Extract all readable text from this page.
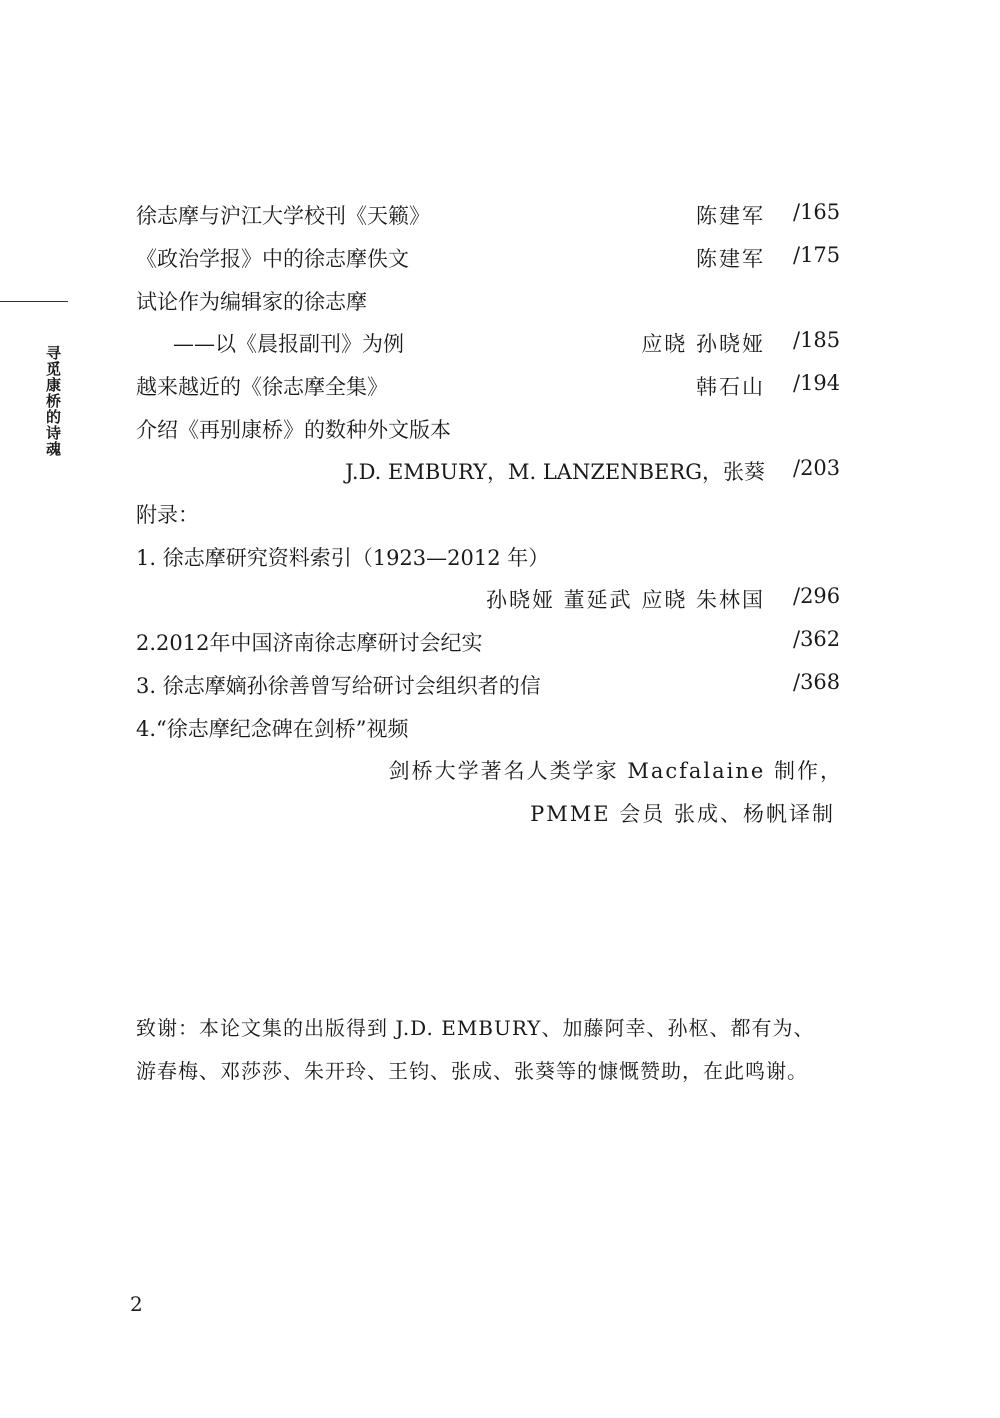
寻觅康桥的诗魂
徐志摩与沪江大学校刊《天籁》	陈建军 /165
《政治学报》中的徐志摩佚文	陈建军 /175
试论作为编辑家的徐志摩
——以《晨报副刊》为例	应晓 孙晓娅 /185
越来越近的《徐志摩全集》	韩石山 /194
介绍《再别康桥》的数种外文版本
J.D. EMBURY，M. LANZENBERG，张葵 /203
附录：
1. 徐志摩研究资料索引（1923—2012 年）
孙晓娅 董延武 应晓 朱林国 /296
2.2012年中国济南徐志摩研讨会纪实	/362
3. 徐志摩嫡孙徐善曾写给研讨会组织者的信	/368
4.“徐志摩纪念碑在剑桥”视频
剑桥大学著名人类学家 Macfalaine 制作，
PMME 会员 张成、杨帆译制
致谢：本论文集的出版得到 J.D. EMBURY、加藤阿幸、孙枢、都有为、
游春梅、邓莎莎、朱开玲、王钧、张成、张葵等的慷慨赞助，在此鸣谢。
2
